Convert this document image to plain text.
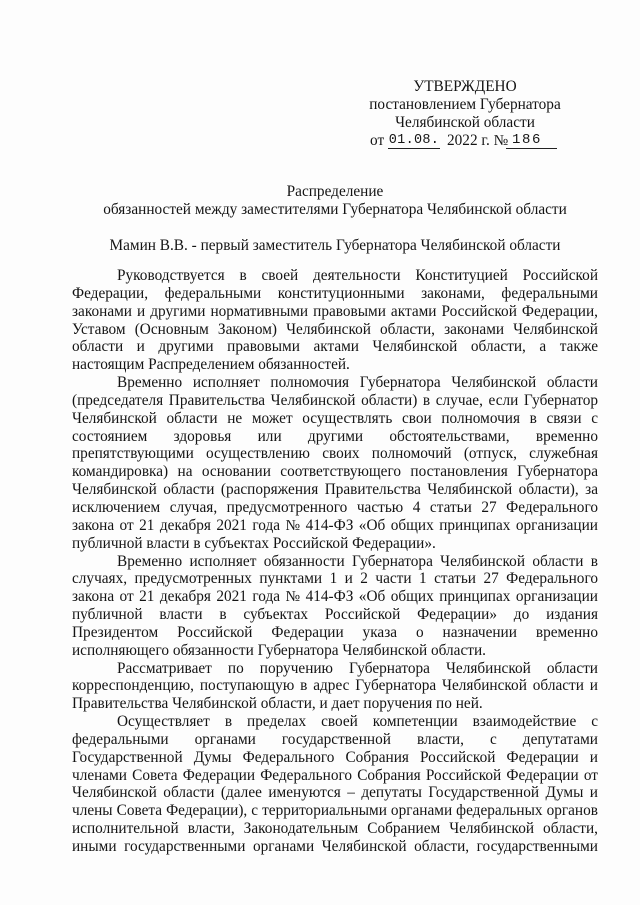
УТВЕРЖДЕНО
постановлением Губернатора
Челябинской области
от 01.08. 2022 г. № 186
Распределение
обязанностей между заместителями Губернатора Челябинской области
Мамин В.В. - первый заместитель Губернатора Челябинской области
Руководствуется в своей деятельности Конституцией Российской
Федерации, федеральными конституционными законами, федеральными
законами и другими нормативными правовыми актами Российской Федерации,
Уставом (Основным Законом) Челябинской области, законами Челябинской
области и другими правовыми актами Челябинской области, а также
настоящим Распределением обязанностей.
Временно исполняет полномочия Губернатора Челябинской области
(председателя Правительства Челябинской области) в случае, если Губернатор
Челябинской области не может осуществлять свои полномочия в связи с
состоянием здоровья или другими обстоятельствами, временно
препятствующими осуществлению своих полномочий (отпуск, служебная
командировка) на основании соответствующего постановления Губернатора
Челябинской области (распоряжения Правительства Челябинской области), за
исключением случая, предусмотренного частью 4 статьи 27 Федерального
закона от 21 декабря 2021 года № 414-ФЗ «Об общих принципах организации
публичной власти в субъектах Российской Федерации».
Временно исполняет обязанности Губернатора Челябинской области в
случаях, предусмотренных пунктами 1 и 2 части 1 статьи 27 Федерального
закона от 21 декабря 2021 года № 414-ФЗ «Об общих принципах организации
публичной власти в субъектах Российской Федерации» до издания
Президентом Российской Федерации указа о назначении временно
исполняющего обязанности Губернатора Челябинской области.
Рассматривает по поручению Губернатора Челябинской области
корреспонденцию, поступающую в адрес Губернатора Челябинской области и
Правительства Челябинской области, и дает поручения по ней.
Осуществляет в пределах своей компетенции взаимодействие с
федеральными органами государственной власти, с депутатами
Государственной Думы Федерального Собрания Российской Федерации и
членами Совета Федерации Федерального Собрания Российской Федерации от
Челябинской области (далее именуются – депутаты Государственной Думы и
члены Совета Федерации), с территориальными органами федеральных органов
исполнительной власти, Законодательным Собранием Челябинской области,
иными государственными органами Челябинской области, государственными
